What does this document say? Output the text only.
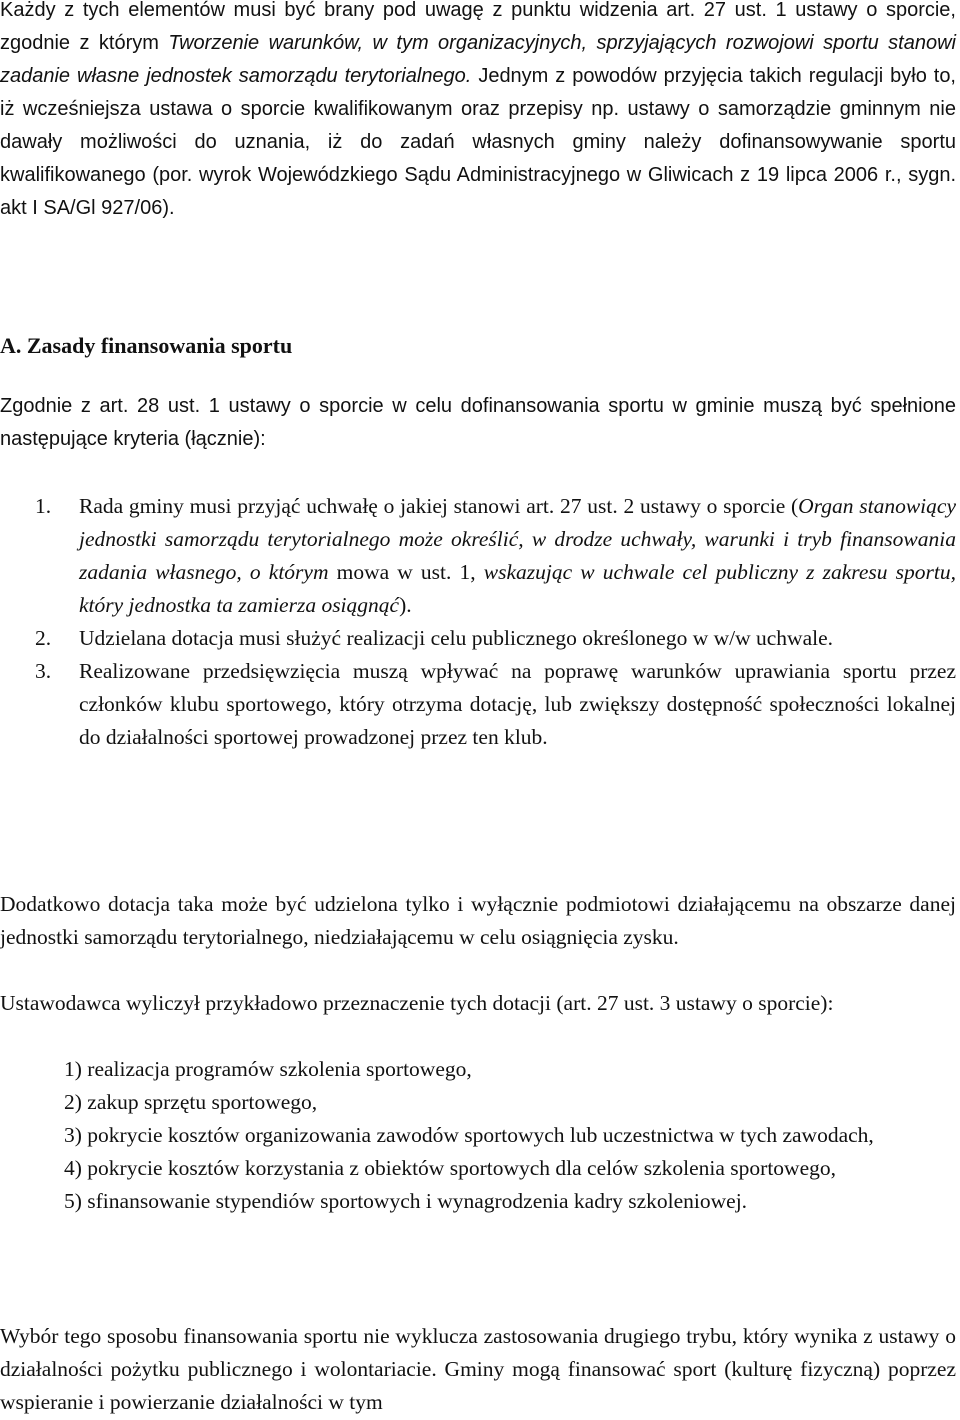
Każdy z tych elementów musi być brany pod uwagę z punktu widzenia art. 27 ust. 1 ustawy o sporcie, zgodnie z którym Tworzenie warunków, w tym organizacyjnych, sprzyjających rozwojowi sportu stanowi zadanie własne jednostek samorządu terytorialnego. Jednym z powodów przyjęcia takich regulacji było to, iż wcześniejsza ustawa o sporcie kwalifikowanym oraz przepisy np. ustawy o samorządzie gminnym nie dawały możliwości do uznania, iż do zadań własnych gminy należy dofinansowywanie sportu kwalifikowanego (por. wyrok Wojewódzkiego Sądu Administracyjnego w Gliwicach z 19 lipca 2006 r., sygn. akt I SA/Gl 927/06).

A. Zasady finansowania sportu

Zgodnie z art. 28 ust. 1 ustawy o sporcie w celu dofinansowania sportu w gminie muszą być spełnione następujące kryteria (łącznie):

1. Rada gminy musi przyjąć uchwałę o jakiej stanowi art. 27 ust. 2 ustawy o sporcie (Organ stanowiący jednostki samorządu terytorialnego może określić, w drodze uchwały, warunki i tryb finansowania zadania własnego, o którym mowa w ust. 1, wskazując w uchwale cel publiczny z zakresu sportu, który jednostka ta zamierza osiągnąć).
2. Udzielana dotacja musi służyć realizacji celu publicznego określonego w w/w uchwale.
3. Realizowane przedsięwzięcia muszą wpływać na poprawę warunków uprawiania sportu przez członków klubu sportowego, który otrzyma dotację, lub zwiększy dostępność społeczności lokalnej do działalności sportowej prowadzonej przez ten klub.

Dodatkowo dotacja taka może być udzielona tylko i wyłącznie podmiotowi działającemu na obszarze danej jednostki samorządu terytorialnego, niedziałającemu w celu osiągnięcia zysku.

Ustawodawca wyliczył przykładowo przeznaczenie tych dotacji (art. 27 ust. 3 ustawy o sporcie):

1) realizacja programów szkolenia sportowego,
2) zakup sprzętu sportowego,
3) pokrycie kosztów organizowania zawodów sportowych lub uczestnictwa w tych zawodach,
4) pokrycie kosztów korzystania z obiektów sportowych dla celów szkolenia sportowego,
5) sfinansowanie stypendiów sportowych i wynagrodzenia kadry szkoleniowej.

Wybór tego sposobu finansowania sportu nie wyklucza zastosowania drugiego trybu, który wynika z ustawy o działalności pożytku publicznego i wolontariacie. Gminy mogą finansować sport (kulturę fizyczną) poprzez wspieranie i powierzanie działalności w tym
